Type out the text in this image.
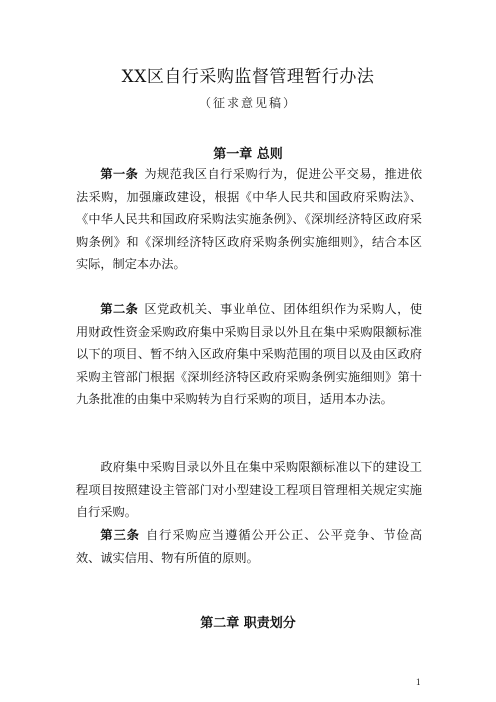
XX区自行采购监督管理暂行办法
（征求意见稿）
第一章 总则

第一条 为规范我区自行采购行为，促进公平交易，推进依法采购，加强廉政建设，根据《中华人民共和国政府采购法》、《中华人民共和国政府采购法实施条例》、《深圳经济特区政府采购条例》和《深圳经济特区政府采购条例实施细则》，结合本区实际，制定本办法。

第二条 区党政机关、事业单位、团体组织作为采购人，使用财政性资金采购政府集中采购目录以外且在集中采购限额标准以下的项目、暂不纳入区政府集中采购范围的项目以及由区政府采购主管部门根据《深圳经济特区政府采购条例实施细则》第十九条批准的由集中采购转为自行采购的项目，适用本办法。

政府集中采购目录以外且在集中采购限额标准以下的建设工程项目按照建设主管部门对小型建设工程项目管理相关规定实施自行采购。

第三条 自行采购应当遵循公开公正、公平竞争、节俭高效、诚实信用、物有所值的原则。

第二章 职责划分
1
